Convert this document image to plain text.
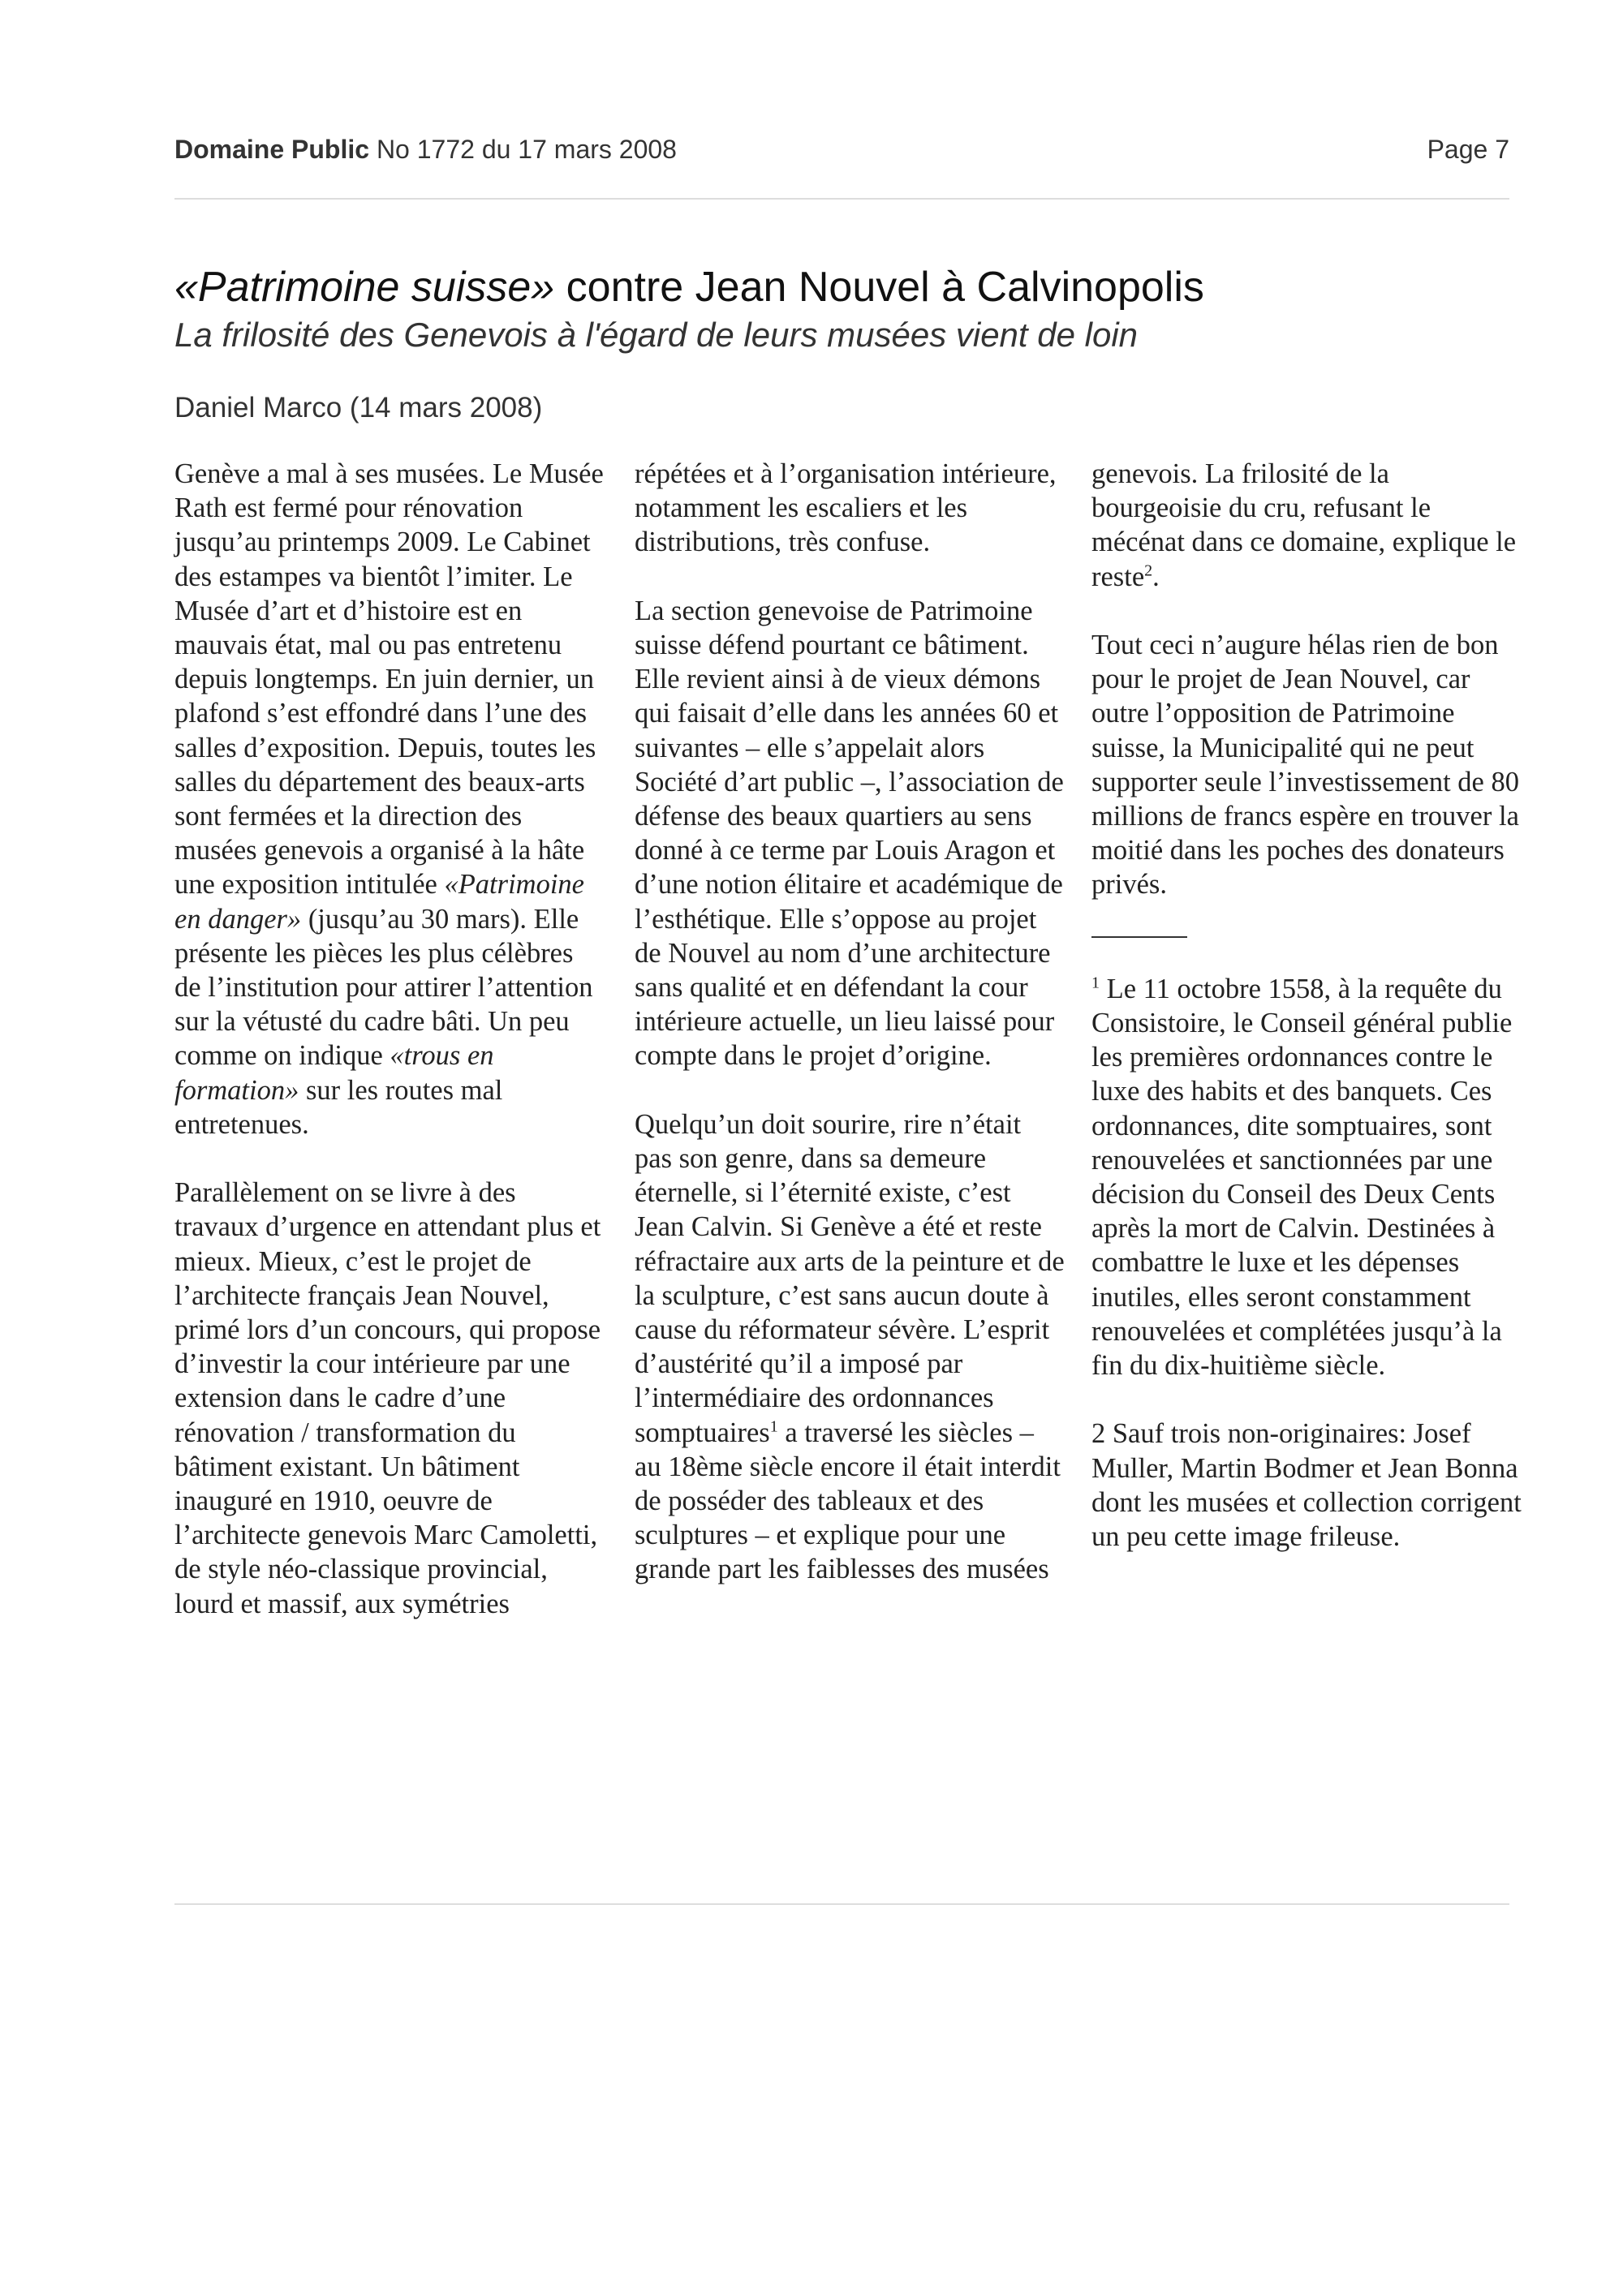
Domaine Public No 1772 du 17 mars 2008	Page 7
«Patrimoine suisse» contre Jean Nouvel à Calvinopolis
La frilosité des Genevois à l'égard de leurs musées vient de loin
Daniel Marco (14 mars 2008)

Genève a mal à ses musées. Le Musée Rath est fermé pour rénovation jusqu’au printemps 2009. Le Cabinet des estampes va bientôt l’imiter. Le Musée d’art et d’histoire est en mauvais état, mal ou pas entretenu depuis longtemps. En juin dernier, un plafond s’est effondré dans l’une des salles d’exposition. Depuis, toutes les salles du département des beaux-arts sont fermées et la direction des musées genevois a organisé à la hâte une exposition intitulée «Patrimoine en danger» (jusqu’au 30 mars). Elle présente les pièces les plus célèbres de l’institution pour attirer l’attention sur la vétusté du cadre bâti. Un peu comme on indique «trous en formation» sur les routes mal entretenues.

Parallèlement on se livre à des travaux d’urgence en attendant plus et mieux. Mieux, c’est le projet de l’architecte français Jean Nouvel, primé lors d’un concours, qui propose d’investir la cour intérieure par une extension dans le cadre d’une rénovation / transformation du bâtiment existant. Un bâtiment inauguré en 1910, oeuvre de l’architecte genevois Marc Camoletti, de style néo-classique provincial, lourd et massif, aux symétries

répétées et à l’organisation intérieure, notamment les escaliers et les distributions, très confuse.

La section genevoise de Patrimoine suisse défend pourtant ce bâtiment. Elle revient ainsi à de vieux démons qui faisait d’elle dans les années 60 et suivantes – elle s’appelait alors Société d’art public –, l’association de défense des beaux quartiers au sens donné à ce terme par Louis Aragon et d’une notion élitaire et académique de l’esthétique. Elle s’oppose au projet de Nouvel au nom d’une architecture sans qualité et en défendant la cour intérieure actuelle, un lieu laissé pour compte dans le projet d’origine.

Quelqu’un doit sourire, rire n’était pas son genre, dans sa demeure éternelle, si l’éternité existe, c’est Jean Calvin. Si Genève a été et reste réfractaire aux arts de la peinture et de la sculpture, c’est sans aucun doute à cause du réformateur sévère. L’esprit d’austérité qu’il a imposé par l’intermédiaire des ordonnances somptuaires$^1$ a traversé les siècles – au 18ème siècle encore il était interdit de posséder des tableaux et des sculptures – et explique pour une grande part les faiblesses des musées

genevois. La frilosité de la bourgeoisie du cru, refusant le mécénat dans ce domaine, explique le reste$^2$.

Tout ceci n’augure hélas rien de bon pour le projet de Jean Nouvel, car outre l’opposition de Patrimoine suisse, la Municipalité qui ne peut supporter seule l’investissement de 80 millions de francs espère en trouver la moitié dans les poches des donateurs privés.

$^1$ Le 11 octobre 1558, à la requête du Consistoire, le Conseil général publie les premières ordonnances contre le luxe des habits et des banquets. Ces ordonnances, dite somptuaires, sont renouvelées et sanctionnées par une décision du Conseil des Deux Cents après la mort de Calvin. Destinées à combattre le luxe et les dépenses inutiles, elles seront constamment renouvelées et complétées jusqu’à la fin du dix-huitième siècle.

2 Sauf trois non-originaires: Josef Muller, Martin Bodmer et Jean Bonna dont les musées et collection corrigent un peu cette image frileuse.
